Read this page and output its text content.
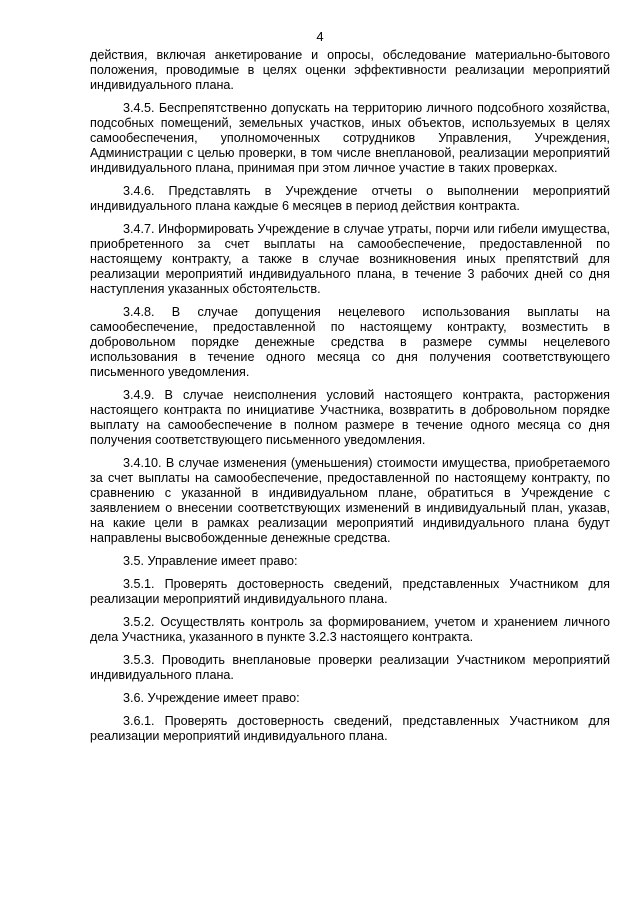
4

действия, включая анкетирование и опросы, обследование материально-бытового положения, проводимые в целях оценки эффективности реализации мероприятий индивидуального плана.

3.4.5. Беспрепятственно допускать на территорию личного подсобного хозяйства, подсобных помещений, земельных участков, иных объектов, используемых в целях самообеспечения, уполномоченных сотрудников Управления, Учреждения, Администрации с целью проверки, в том числе внеплановой, реализации мероприятий индивидуального плана, принимая при этом личное участие в таких проверках.

3.4.6. Представлять в Учреждение отчеты о выполнении мероприятий индивидуального плана каждые 6 месяцев в период действия контракта.

3.4.7. Информировать Учреждение в случае утраты, порчи или гибели имущества, приобретенного за счет выплаты на самообеспечение, предоставленной по настоящему контракту, а также в случае возникновения иных препятствий для реализации мероприятий индивидуального плана, в течение 3 рабочих дней со дня наступления указанных обстоятельств.

3.4.8. В случае допущения нецелевого использования выплаты на самообеспечение, предоставленной по настоящему контракту, возместить в добровольном порядке денежные средства в размере суммы нецелевого использования в течение одного месяца со дня получения соответствующего письменного уведомления.

3.4.9. В случае неисполнения условий настоящего контракта, расторжения настоящего контракта по инициативе Участника, возвратить в добровольном порядке выплату на самообеспечение в полном размере в течение одного месяца со дня получения соответствующего письменного уведомления.

3.4.10. В случае изменения (уменьшения) стоимости имущества, приобретаемого за счет выплаты на самообеспечение, предоставленной по настоящему контракту, по сравнению с указанной в индивидуальном плане, обратиться в Учреждение с заявлением о внесении соответствующих изменений в индивидуальный план, указав, на какие цели в рамках реализации мероприятий индивидуального плана будут направлены высвобожденные денежные средства.

3.5. Управление имеет право:

3.5.1. Проверять достоверность сведений, представленных Участником для реализации мероприятий индивидуального плана.

3.5.2. Осуществлять контроль за формированием, учетом и хранением личного дела Участника, указанного в пункте 3.2.3 настоящего контракта.

3.5.3. Проводить внеплановые проверки реализации Участником мероприятий индивидуального плана.

3.6. Учреждение имеет право:

3.6.1. Проверять достоверность сведений, представленных Участником для реализации мероприятий индивидуального плана.
